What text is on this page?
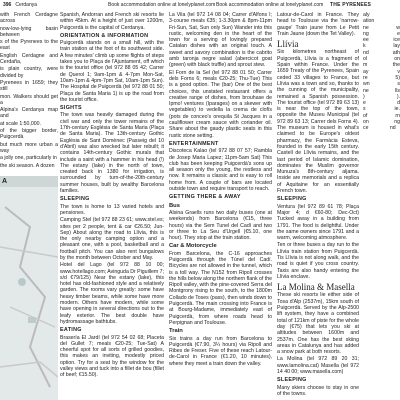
396 Cerdanya	Book accommodation online at lonelyplanet.com Book accommodation online at lonelyplanet.com THE PYRENEES

with French Cerdagne across

now-low-lying basin between

s of the Pyrenees to the east

English Cerdagne and Cerdaña,

is plain country, were divided by

Pyrenees in 1659; they still

mon. Walkers should get a

Alpina's Cerdanya map and

at scale 1:50,000.

of the bigger border, Puigcerdà

but much more urban a way

a jolly one, particularly in

the ski season. A dozen

A

Spanish, Andorran and French ski resorts lie within 45km. At a height of just over 1200m, Puigcerdà is the capital of Cerdanya.

ORIENTATION & INFORMATION

Puigcerdà stands on a small hill, with the train station at the foot of its southwest side. A few minutes' climb up some flights of steps takes you to Plaça de l'Ajuntament, off which is the tourist office (tel 972 88 05 42; Carrer de Querol 1; 9am-1pm & 4-7pm Mon-Sat, 10am-1pm & 4pm-7pm Sat, 10am-1pm Sun). The Hospital de Puigcerdà (tel 972 88 01 50; Plaça de Santa Maria 1) is up the road from the tourist office.

SIGHTS

The town was heavily damaged during the civil war and only the tower remains of the 17th-century Església de Santa Maria (Plaça de Santa Maria). The 13th-century Gothic Església de Sant Domènec (Passeig del 10 d'Abril) was also wrecked but later rebuilt; it contains 14th-century Gothic murals that include a saint with a hammer in his head (!) The estany (lake) in the north of town, created back in 1380 for irrigation, is surrounded by turn-of-the-20th-century summer houses, built by wealthy Barcelona families.

SLEEPING

The town is home to 13 varied hotels and pensiones.

Camping Stel (tel 972 88 23 61; www.stel.es; sites per 2 people, tent & car €26.50; Jun-Sep) About along the road to Llívia, this is the only nearby camping option and a pleasant one, with a pool, basketball and a football pitch. You can also rent bungalows by the month between October and May.

Hotel del Lago (tel 972 88 10 00; www.hotellago.com; Avinguda Dr Piguillem 7; s/d €79/125) Near the estany (lake), this hotel has old-fashioned style and a relatively garden. The rooms vary greatly: some have heavy timber beams, while some have more modern. Others have modern, while some have opening in several directions out to the leafy exterior. The best double have hydromassage bathtubs.

EATING

Brasería El Jardí (tel 972 54 02 68; Placeta del Gullet 7; meals €20-25; Tue-Sat) A cheerful spot for all sorts of grilled goodies, this makes an inviting, modestly priced option. Try for a seat by the window for the valley views and tuck into a fillet de bou (fillet of beef; €15.50).

La Vila (tel 972 14 08 04; Carrer d'Alfons I; 3-course meals €35; 1-3.30pm & 8pm-11pm Fri-Sun, Sat, Sun only Sun) Wander into this rustic, welcoming den in the heart of the town for a serving of lovingly prepared Catalan dishes with an original touch. A sweet and savory combination is the cabrito amb taronja negre salad (abercicot goat (green) with black truffle) and sprout stew.

El Forn de la Sel (tel 972 88 01 50; Carrer dels Forns 6; meals €20-25; Thu-Tue) This is a good option. The (bar) One of the best choices, this unstated restaurant offers a creative range of dishes, from brouhase de Ipmo! ventures (Iparages) on a skewer with vegetables) to vedella la crema de clofís (pots de conceo's orequila St Jacques in a cauliflower cream sauce with coriander oil. Share about the gaudy plastic seats in this rustic stone setting.

ENTERTAINMENT

Discoteca Kalao (tel 972 88 07 57; Rambla de Josep Maria Lapez; 11pm-5am Sat) This club has been keeping Puigcerdà's sons up all season only the young, the restless and now. It remains a classic and is easy to roll home from. A couple of bars are located outside town and require transport to reach.

GETTING THERE & AWAY
Bus

Alsina Graells runs two daily buses (one at weekends) from Barcelona (€15, three hours) via the Sem Tunel del Cadí and two or three to La Seu d'Urgell (€5.10, one hour). They stop at the train station.

Car & Motorcycle

From Barcelona, the C-16 approaches Puigcerdà through the Túnel del Cadí. Bicycles are not allowed in the tunnel, which is a toll way. The N152 from Ripoll crosses the hills below along the northern flank of the Ripoll valley, with the pine-covered Serra del Montgrony rising to the south, to the 1800m Collado de Toses (pass), then winds down to Puigcerdà. The main crossing into France is at Bourg-Madame, immediately east of Puigcerdà, from where roads head to Perpignan and Toulouse.

Train

Six trains a day run from Barcelona to Puigcerdà (€7.90, 3¼ hours) via Ripoll and Ribes de Freser. Five of these reach Latour-de-Carol in France (€1.20, 10 minutes), where they meet a train down the valley.

Latour-de-Carol in France. They head to Toulouse via the 'narrow-gauge' Train jaune from Le Petit Train Jaune (down the Tet Valley).

Llívia

Six kilometres northeast of Puigcerdà, Llívia is a fragment of Spain within France. Under the 1659 Treaty of the Pyrenees, Spain ceded 33 villages to France, but Llívia was a town and so, thanks to the cunning of the municipality, remained a Spanish possession. The tourist office (tel 972 89 63 13) is near the top of the town, opposite the Museu Municipal (tel 972 89 63 13; Carrer dels Forns 4). The museum is housed in what's claimed to be Europe's oldest pharmacy, the Farmàcia Esteva, founded in the early 15th century. Castell de Llívia remains, and the last period of Islamic domination, dominates the Muslim governor Munuza's 8th-century aljama. Inside are memorials and a replica of Aquitaine for an essentially French town.

SLEEPING

Ventura (tel 972 89 61 78; Plaça Major 4; d €60-80; Dec-Oct) Tucked away in a building from 1791. The food is delightful. Under the same owners since 1791 and a warm, welcoming atmosphere.

Ten or three buses a day run to the Llívia train station from Puigcerdà. Tis Llívia is not along walk, and the road is quiet if you cross country. Taxis are also handy entering the Llívia enclave.

La Molina & Masella

These ski resorts lie either side of Tosa d'Alp (2537m), 15km south of Puigcerdà. Served by the Alp-2500 lift system, they have a combined total of 121km of piste for the whole day (€75) that lets you ski at altitudes between 1600m and 2537m. One has the best skiing areas in Catalunya and has added a snow park at both resorts.

La Molina (tel 972 89 20 31; www.lamolina.cat) Masella (tel 972 14 40 00; www.masella.com)

SLEEPING

Many skiers choose to stay in one of the towns.

aly ation ne w ng e ee ice k lay nd ath ol on m the ay v re 5) wn s ne lls ) ). e d s ie. of rn on ng ce nd
